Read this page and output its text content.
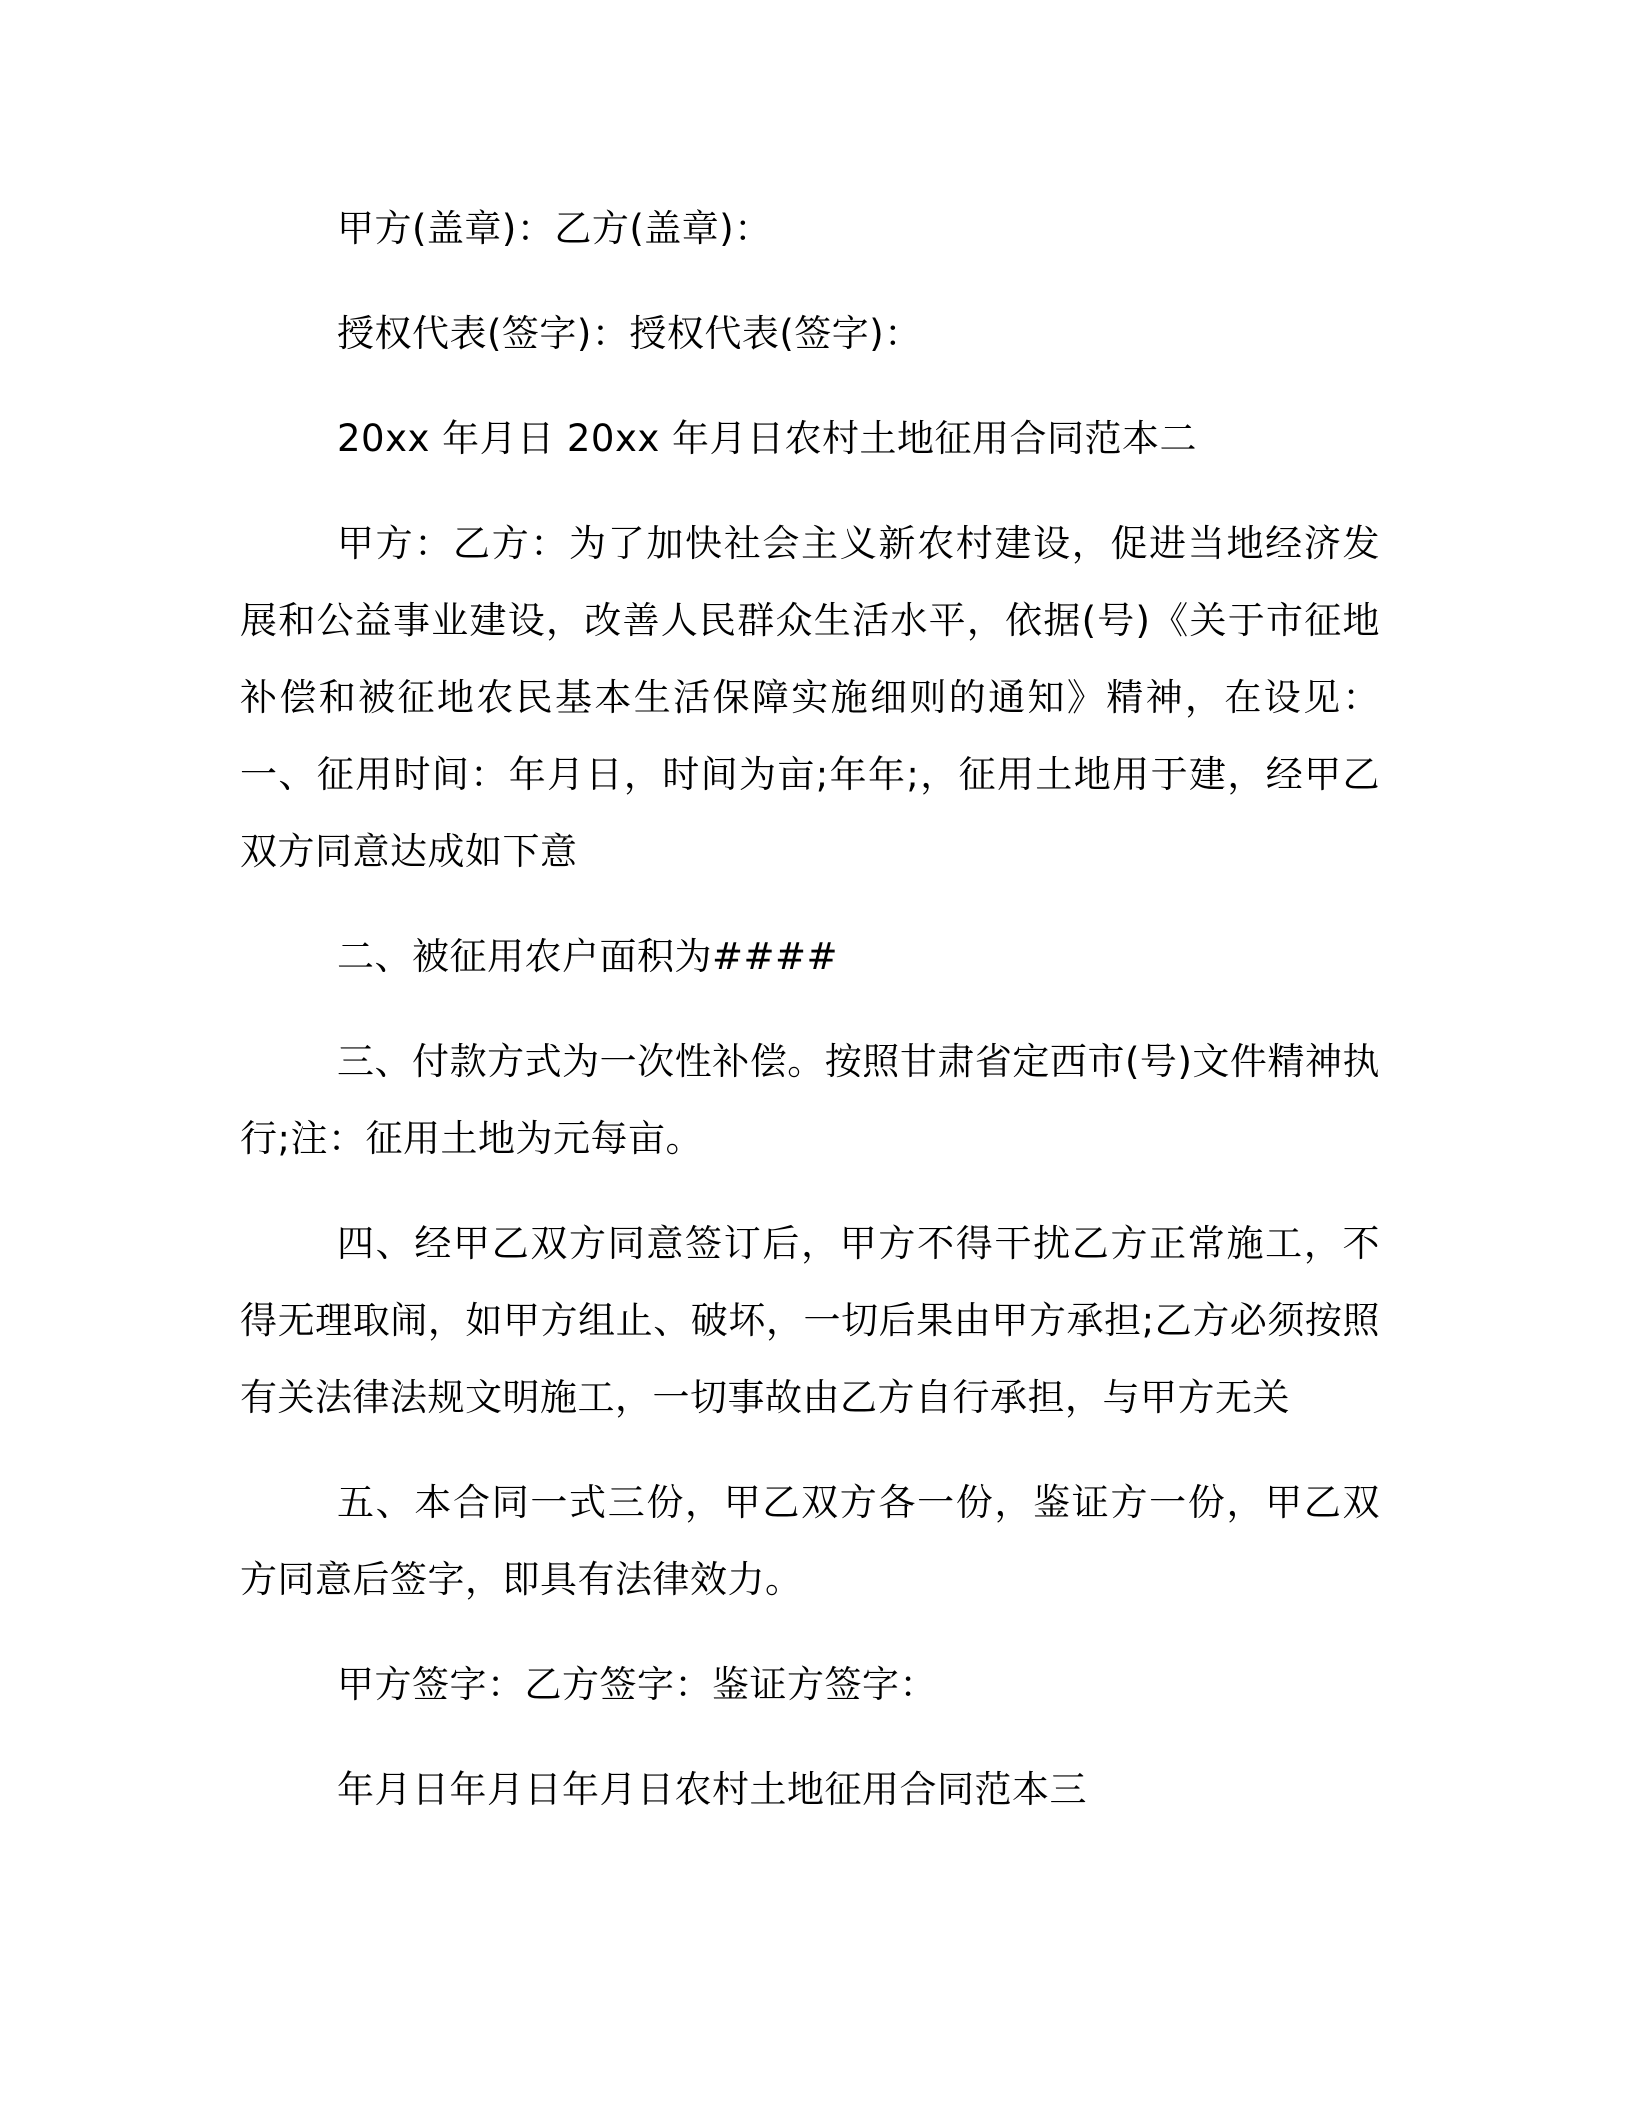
甲方(盖章)：乙方(盖章)：

授权代表(签字)：授权代表(签字)：

20xx 年月日 20xx 年月日农村土地征用合同范本二

甲方：乙方：为了加快社会主义新农村建设，促进当地经济发展和公益事业建设，改善人民群众生活水平，依据(号)《关于市征地补偿和被征地农民基本生活保障实施细则的通知》精神，在设见：一、征用时间：年月日，时间为亩;年年;，征用土地用于建，经甲乙双方同意达成如下意

二、被征用农户面积为####

三、付款方式为一次性补偿。按照甘肃省定西市(号)文件精神执行;注：征用土地为元每亩。

四、经甲乙双方同意签订后，甲方不得干扰乙方正常施工，不得无理取闹，如甲方组止、破坏，一切后果由甲方承担;乙方必须按照有关法律法规文明施工，一切事故由乙方自行承担，与甲方无关

五、本合同一式三份，甲乙双方各一份，鉴证方一份，甲乙双方同意后签字，即具有法律效力。

甲方签字：乙方签字：鉴证方签字：

年月日年月日年月日农村土地征用合同范本三
